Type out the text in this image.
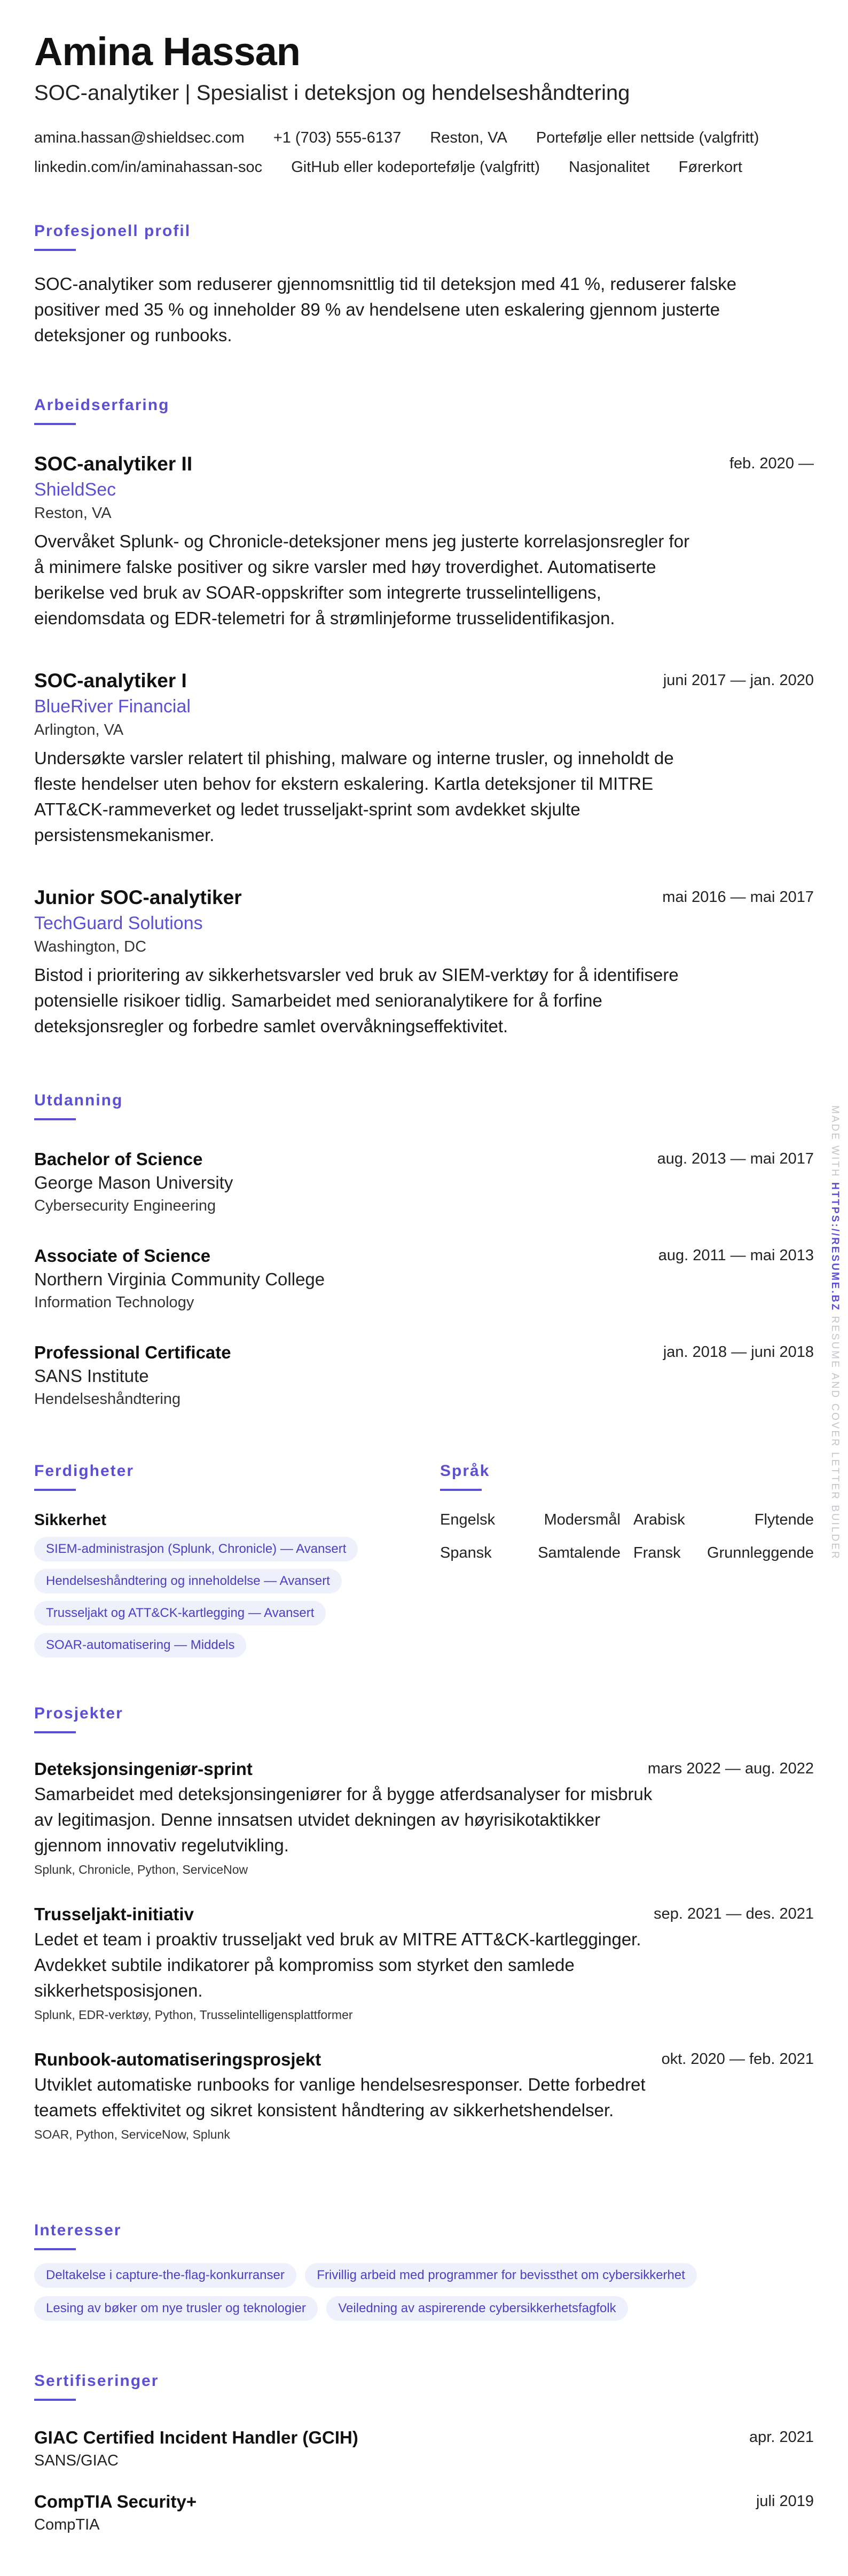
Amina Hassan
SOC-analytiker | Spesialist i deteksjon og hendelseshåndtering
amina.hassan@shieldsec.com +1 (703) 555-6137 Reston, VA Portefølje eller nettside (valgfritt)
linkedin.com/in/aminahassan-soc GitHub eller kodeportefølje (valgfritt) Nasjonalitet Førerkort
Profesjonell profil
SOC-analytiker som reduserer gjennomsnittlig tid til deteksjon med 41 %, reduserer falske positiver med 35 % og inneholder 89 % av hendelsene uten eskalering gjennom justerte deteksjoner og runbooks.
Arbeidserfaring
SOC-analytiker II
ShieldSec
Reston, VA
Overvåket Splunk- og Chronicle-deteksjoner mens jeg justerte korrelasjonsregler for å minimere falske positiver og sikre varsler med høy troverdighet. Automatiserte berikelse ved bruk av SOAR-oppskrifter som integrerte trusselintelligens, eiendomsdata og EDR-telemetri for å strømlinjeforme trusselidentifikasjon.
feb. 2020 —
SOC-analytiker I
BlueRiver Financial
Arlington, VA
Undersøkte varsler relatert til phishing, malware og interne trusler, og inneholdt de fleste hendelser uten behov for ekstern eskalering. Kartla deteksjoner til MITRE ATT&CK-rammeverket og ledet trusseljakt-sprint som avdekket skjulte persistensmekanismer.
juni 2017 — jan. 2020
Junior SOC-analytiker
TechGuard Solutions
Washington, DC
Bistod i prioritering av sikkerhetsvarsler ved bruk av SIEM-verktøy for å identifisere potensielle risikoer tidlig. Samarbeidet med senioranalytikere for å forfine deteksjonsregler og forbedre samlet overvåkningseffektivitet.
mai 2016 — mai 2017
Utdanning
Bachelor of Science
George Mason University
Cybersecurity Engineering
aug. 2013 — mai 2017
Associate of Science
Northern Virginia Community College
Information Technology
aug. 2011 — mai 2013
Professional Certificate
SANS Institute
Hendelseshåndtering
jan. 2018 — juni 2018
Ferdigheter
Sikkerhet
SIEM-administrasjon (Splunk, Chronicle) — Avansert
Hendelseshåndtering og inneholdelse — Avansert
Trusseljakt og ATT&CK-kartlegging — Avansert
SOAR-automatisering — Middels
Språk
Engelsk	Modersmål Arabisk	Flytende
Spansk	Samtalende Fransk Grunnleggende
Prosjekter
Deteksjonsingeniør-sprint
Samarbeidet med deteksjonsingeniører for å bygge atferdsanalyser for misbruk av legitimasjon. Denne innsatsen utvidet dekningen av høyrisikotaktikker gjennom innovativ regelutvikling.
Splunk, Chronicle, Python, ServiceNow
mars 2022 — aug. 2022
Trusseljakt-initiativ
Ledet et team i proaktiv trusseljakt ved bruk av MITRE ATT&CK-kartlegginger. Avdekket subtile indikatorer på kompromiss som styrket den samlede sikkerhetsposisjonen.
Splunk, EDR-verktøy, Python, Trusselintelligensplattformer
sep. 2021 — des. 2021
Runbook-automatiseringsprosjekt
Utviklet automatiske runbooks for vanlige hendelsesresponser. Dette forbedret teamets effektivitet og sikret konsistent håndtering av sikkerhetshendelser.
SOAR, Python, ServiceNow, Splunk
okt. 2020 — feb. 2021
Interesser
Deltakelse i capture-the-flag-konkurranser	Frivillig arbeid med programmer for bevissthet om cybersikkerhet
Lesing av bøker om nye trusler og teknologier	Veiledning av aspirerende cybersikkerhetsfagfolk
Sertifiseringer
GIAC Certified Incident Handler (GCIH)
SANS/GIAC
apr. 2021
CompTIA Security+
CompTIA
juli 2019
MADE WITH HTTPS://RESUME.BZ RESUME AND COVER LETTER BUILDER
